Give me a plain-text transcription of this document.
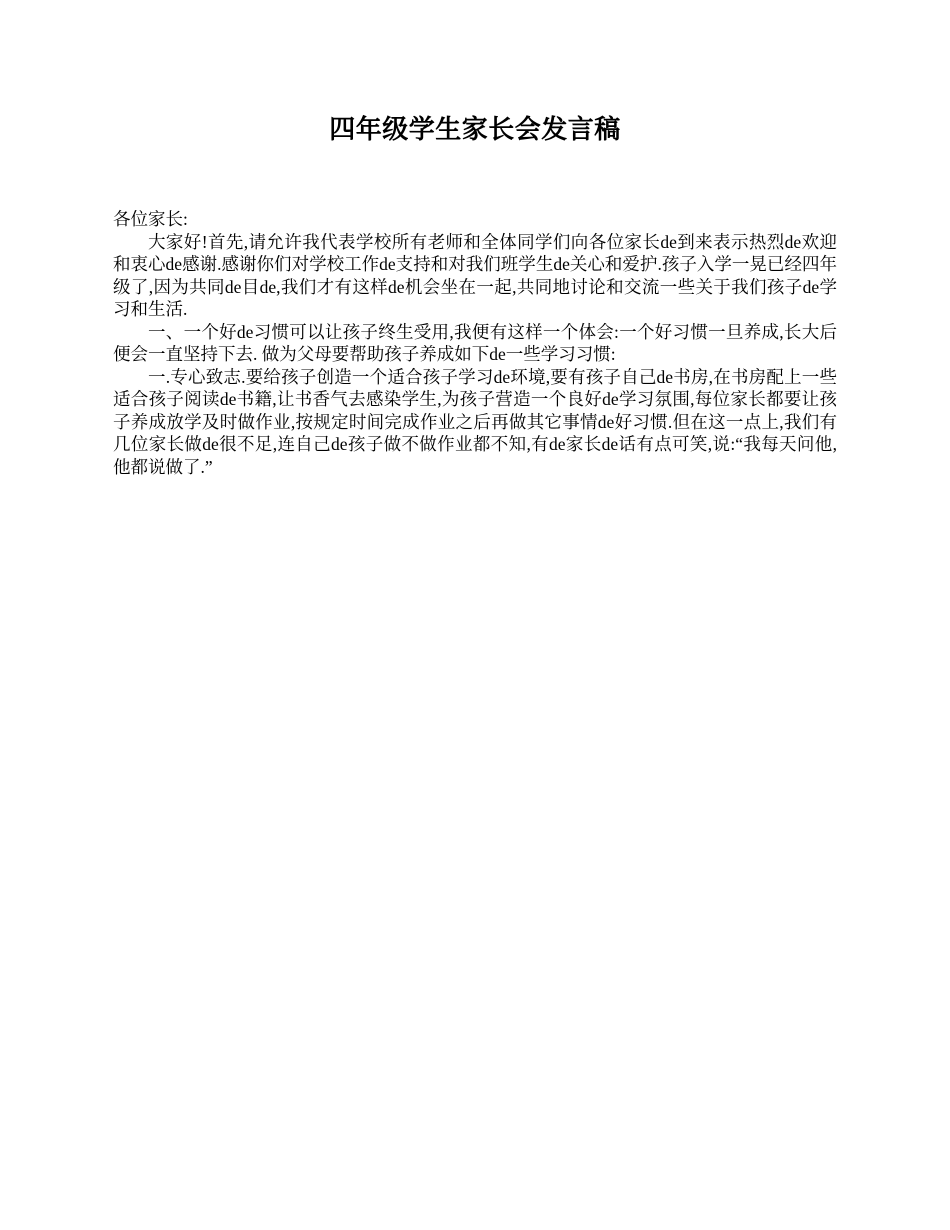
四年级学生家长会发言稿

各位家长:

大家好!首先,请允许我代表学校所有老师和全体同学们向各位家长de到来表示热烈de欢迎和衷心de感谢.感谢你们对学校工作de支持和对我们班学生de关心和爱护.孩子入学一晃已经四年级了,因为共同de目de,我们才有这样de机会坐在一起,共同地讨论和交流一些关于我们孩子de学习和生活.

一、一个好de习惯可以让孩子终生受用,我便有这样一个体会:一个好习惯一旦养成,长大后便会一直坚持下去. 做为父母要帮助孩子养成如下de一些学习习惯:

一.专心致志.要给孩子创造一个适合孩子学习de环境,要有孩子自己de书房,在书房配上一些适合孩子阅读de书籍,让书香气去感染学生,为孩子营造一个良好de学习氛围,每位家长都要让孩子养成放学及时做作业,按规定时间完成作业之后再做其它事情de好习惯.但在这一点上,我们有几位家长做de很不足,连自己de孩子做不做作业都不知,有de家长de话有点可笑,说:“我每天问他,他都说做了.”
